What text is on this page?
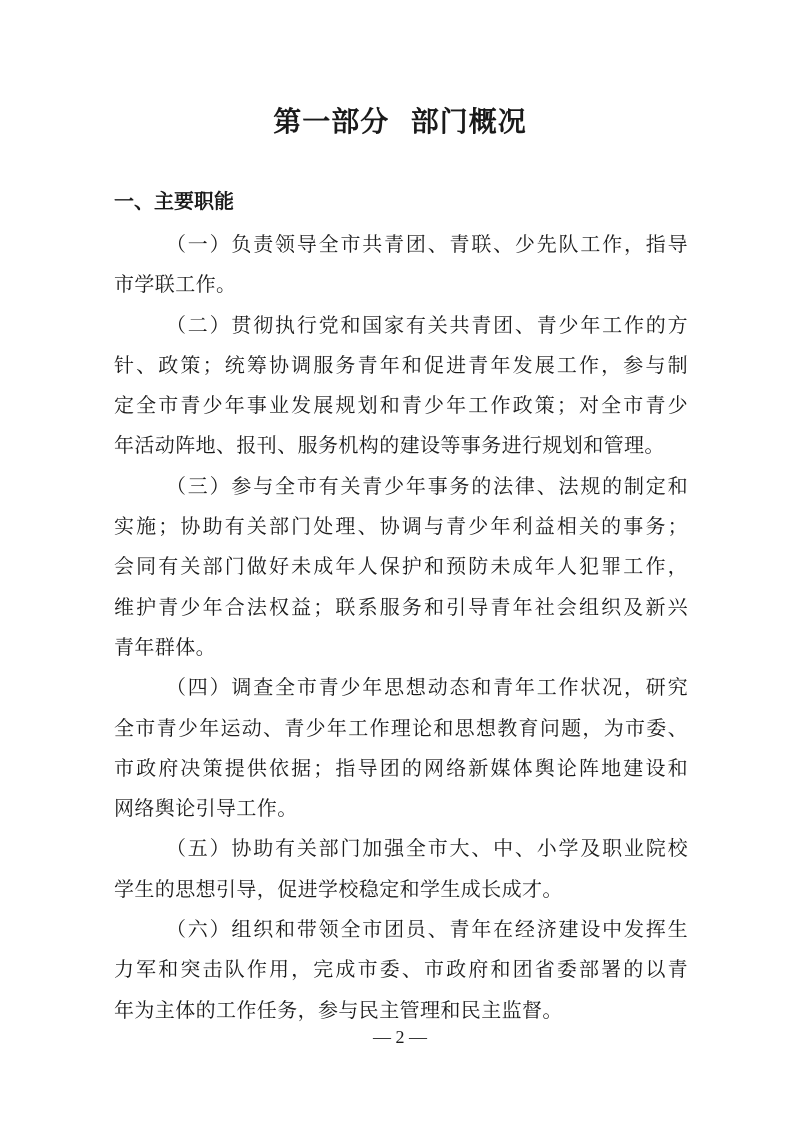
第一部分  部门概况
一、主要职能
（一）负责领导全市共青团、青联、少先队工作，指导
市学联工作。
（二）贯彻执行党和国家有关共青团、青少年工作的方
针、政策；统筹协调服务青年和促进青年发展工作，参与制
定全市青少年事业发展规划和青少年工作政策；对全市青少
年活动阵地、报刊、服务机构的建设等事务进行规划和管理。
（三）参与全市有关青少年事务的法律、法规的制定和
实施；协助有关部门处理、协调与青少年利益相关的事务；
会同有关部门做好未成年人保护和预防未成年人犯罪工作，
维护青少年合法权益；联系服务和引导青年社会组织及新兴
青年群体。
（四）调查全市青少年思想动态和青年工作状况，研究
全市青少年运动、青少年工作理论和思想教育问题，为市委、
市政府决策提供依据；指导团的网络新媒体舆论阵地建设和
网络舆论引导工作。
（五）协助有关部门加强全市大、中、小学及职业院校
学生的思想引导，促进学校稳定和学生成长成才。
（六）组织和带领全市团员、青年在经济建设中发挥生
力军和突击队作用，完成市委、市政府和团省委部署的以青
年为主体的工作任务，参与民主管理和民主监督。
— 2 —
